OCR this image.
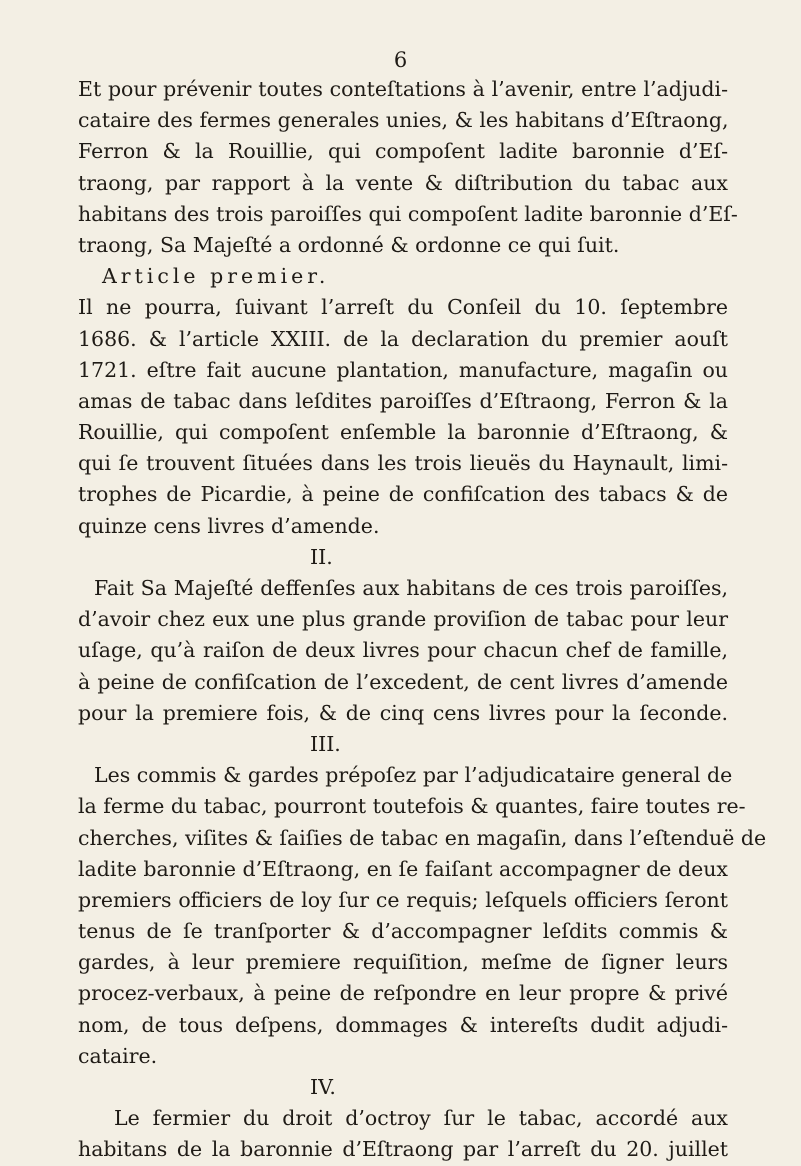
6
Et pour prévenir toutes conteſtations à l’avenir, entre l’adjudi-
cataire des fermes generales unies, & les habitans d’Eſtraong,
Ferron & la Rouillie, qui compoſent ladite baronnie d’Eſ-
traong, par rapport à la vente & diſtribution du tabac aux
habitans des trois paroiſſes qui compoſent ladite baronnie d’Eſ-
traong, Sa Majeſté a ordonné & ordonne ce qui ſuit.
Article premier.
Il ne pourra, ſuivant l’arreſt du Conſeil du 10. ſeptembre
1686. & l’article XXIII. de la declaration du premier aouſt
1721. eſtre fait aucune plantation, manufacture, magaſin ou
amas de tabac dans leſdites paroiſſes d’Eſtraong, Ferron & la
Rouillie, qui compoſent enſemble la baronnie d’Eſtraong, &
qui ſe trouvent ſituées dans les trois lieuës du Haynault, limi-
trophes de Picardie, à peine de confiſcation des tabacs & de
quinze cens livres d’amende.
II.
Fait Sa Majeſté deffenſes aux habitans de ces trois paroiſſes,
d’avoir chez eux une plus grande proviſion de tabac pour leur
uſage, qu’à raiſon de deux livres pour chacun chef de famille,
à peine de confiſcation de l’excedent, de cent livres d’amende
pour la premiere fois, & de cinq cens livres pour la ſeconde.
III.
Les commis & gardes prépoſez par l’adjudicataire general de
la ferme du tabac, pourront toutefois & quantes, faire toutes re-
cherches, viſites & ſaiſies de tabac en magaſin, dans l’eſtenduë de
ladite baronnie d’Eſtraong, en ſe faiſant accompagner de deux
premiers officiers de loy ſur ce requis; leſquels officiers ſeront
tenus de ſe tranſporter & d’accompagner leſdits commis &
gardes, à leur premiere requiſition, meſme de ſigner leurs
procez-verbaux, à peine de reſpondre en leur propre & privé
nom, de tous deſpens, dommages & intereſts dudit adjudi-
cataire.
IV.
Le fermier du droit d’octroy ſur le tabac, accordé aux
habitans de la baronnie d’Eſtraong par l’arreſt du 20. juillet
